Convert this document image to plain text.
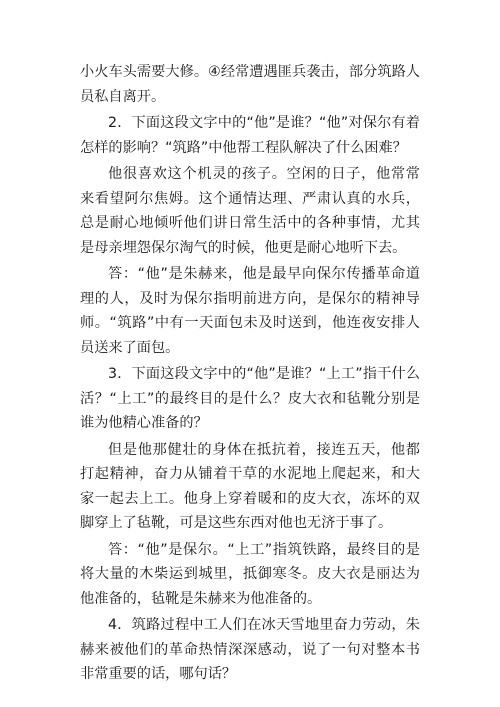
小火车头需要大修。④经常遭遇匪兵袭击，部分筑路人员私自离开。

2．下面这段文字中的“他”是谁？“他”对保尔有着怎样的影响？“筑路”中他帮工程队解决了什么困难？

他很喜欢这个机灵的孩子。空闲的日子，他常常来看望阿尔焦姆。这个通情达理、严肃认真的水兵，总是耐心地倾听他们讲日常生活中的各种事情，尤其是母亲埋怨保尔淘气的时候，他更是耐心地听下去。

答：“他”是朱赫来，他是最早向保尔传播革命道理的人，及时为保尔指明前进方向，是保尔的精神导师。“筑路”中有一天面包未及时送到，他连夜安排人员送来了面包。

3．下面这段文字中的“他”是谁？“上工”指干什么活？“上工”的最终目的是什么？皮大衣和毡靴分别是谁为他精心准备的？

但是他那健壮的身体在抵抗着，接连五天，他都打起精神，奋力从铺着干草的水泥地上爬起来，和大家一起去上工。他身上穿着暖和的皮大衣，冻坏的双脚穿上了毡靴，可是这些东西对他也无济于事了。

答：“他”是保尔。“上工”指筑铁路，最终目的是将大量的木柴运到城里，抵御寒冬。皮大衣是丽达为他准备的，毡靴是朱赫来为他准备的。

4．筑路过程中工人们在冰天雪地里奋力劳动，朱赫来被他们的革命热情深深感动，说了一句对整本书非常重要的话，哪句话？
